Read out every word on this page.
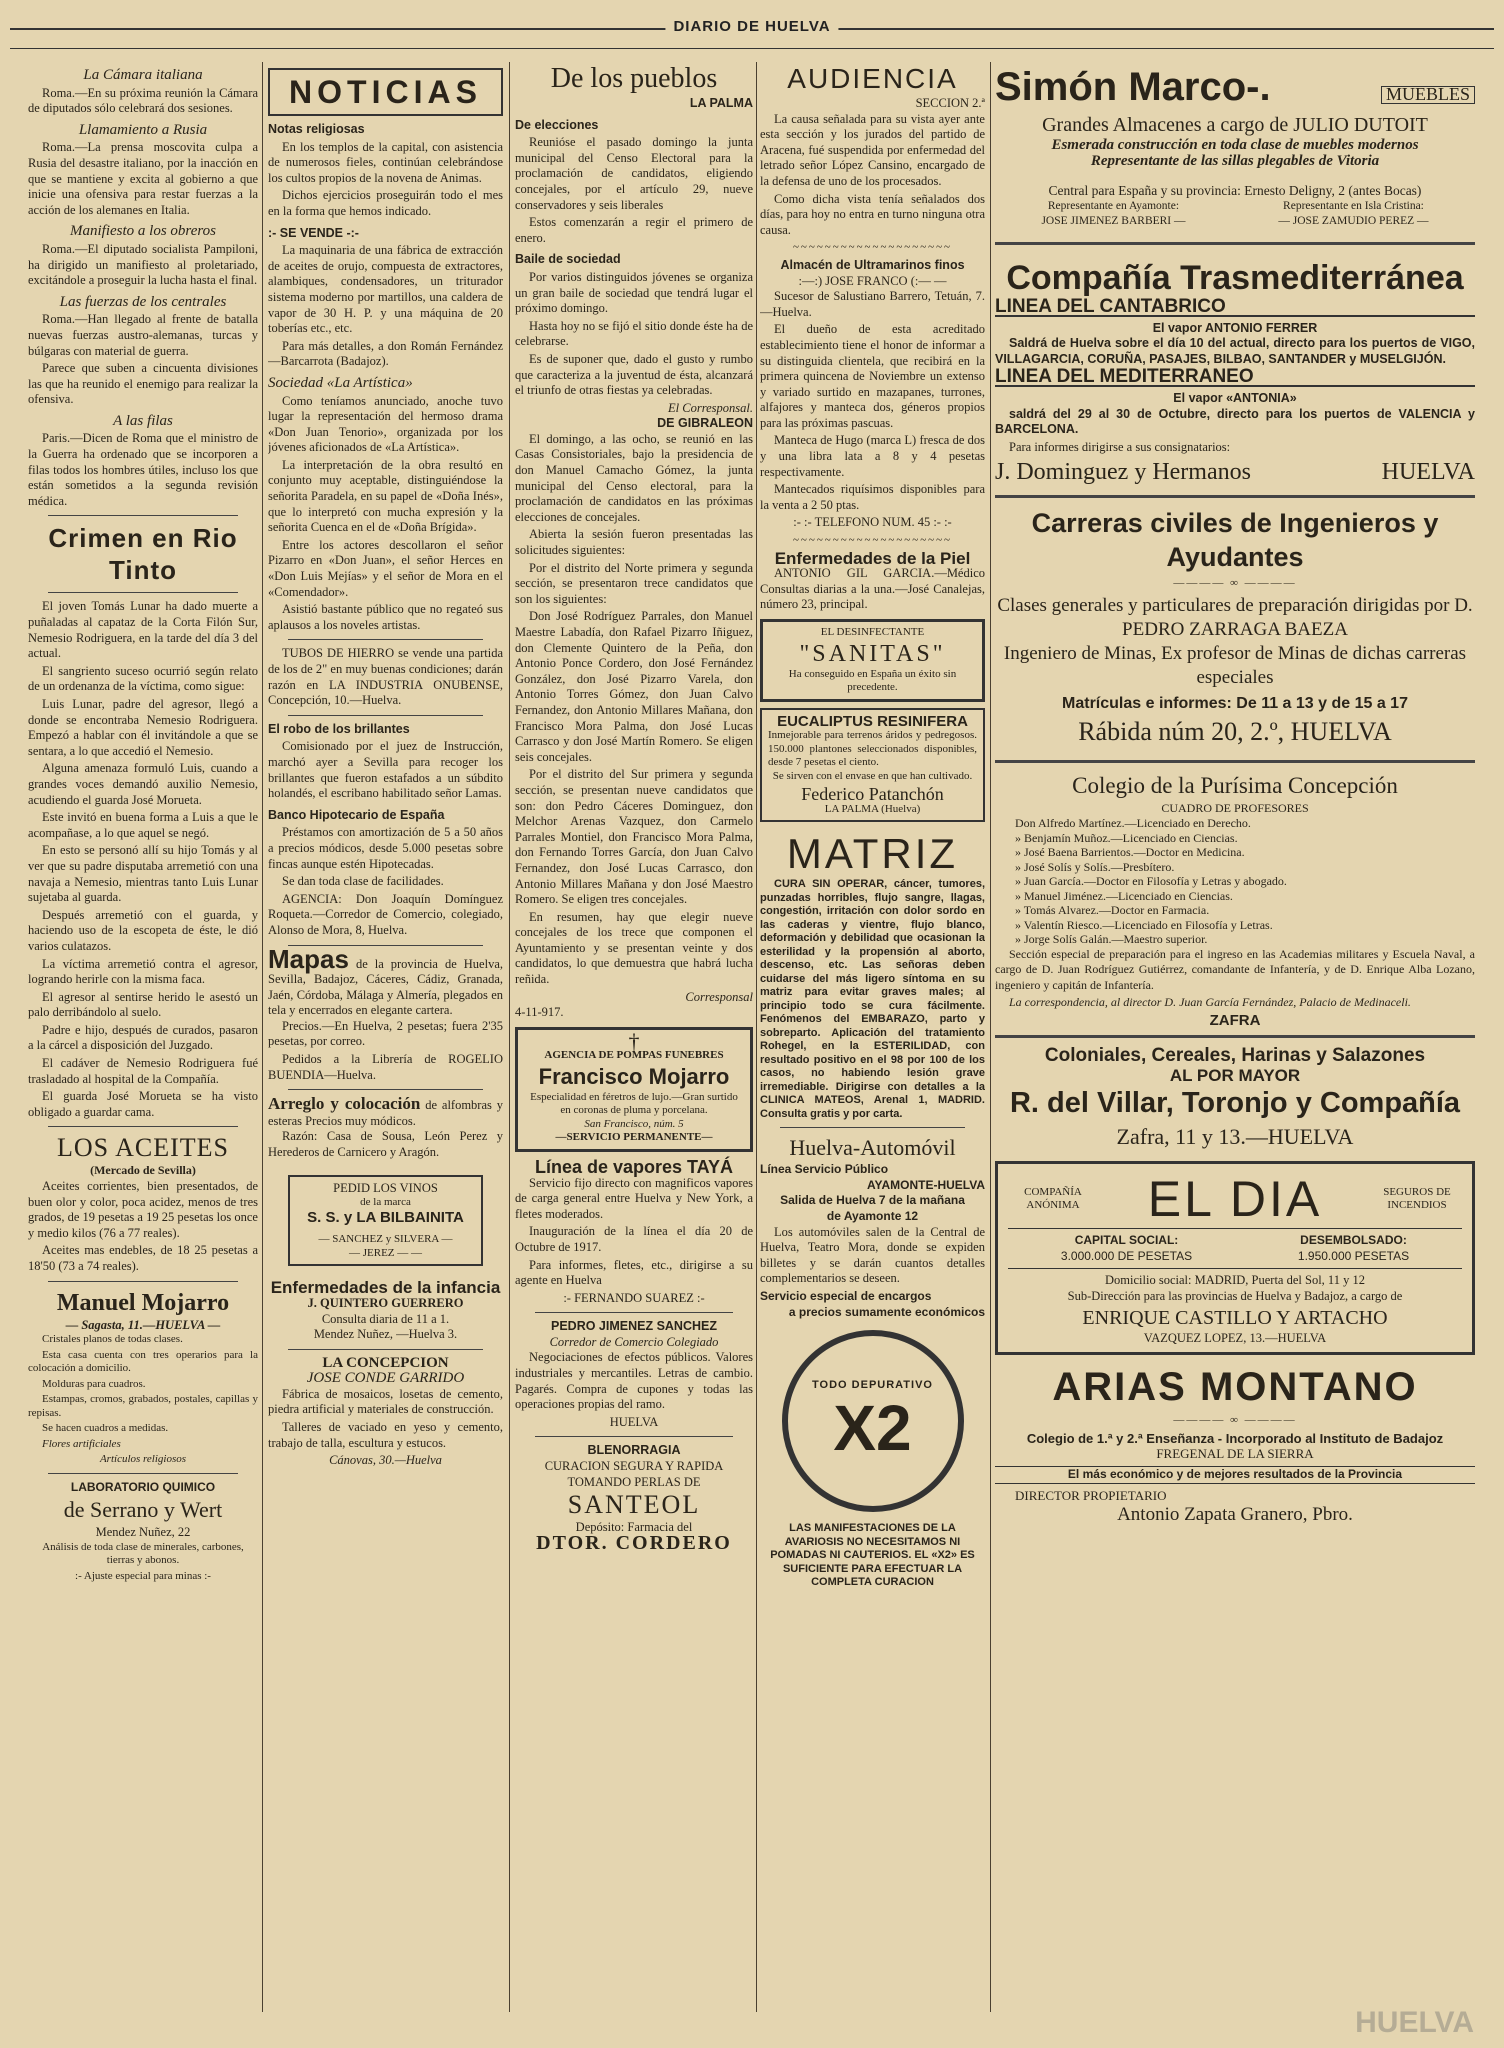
DIARIO DE HUELVA
La Cámara italiana

Roma.—En su próxima reunión la Cámara de diputados sólo celebrará dos sesiones.

Llamamiento a Rusia

Roma.—La prensa moscovita culpa a Rusia del desastre italiano, por la inacción en que se mantiene y excita al gobierno a que inicie una ofensiva para restar fuerzas a la acción de los alemanes en Italia.

Manifiesto a los obreros

Roma.—El diputado socialista Pampiloni, ha dirigido un manifiesto al proletariado, excitándole a proseguir la lucha hasta el final.

Las fuerzas de los centrales

Roma.—Han llegado al frente de batalla nuevas fuerzas austro-alemanas, turcas y búlgaras con material de guerra.

Parece que suben a cincuenta divisiones las que ha reunido el enemigo para realizar la ofensiva.

A las filas

Paris.—Dicen de Roma que el ministro de la Guerra ha ordenado que se incorporen a filas todos los hombres útiles, incluso los que están sometidos a la segunda revisión médica.

Crimen en Rio Tinto

El joven Tomás Lunar ha dado muerte a puñaladas al capataz de la Corta Filón Sur, Nemesio Rodriguera, en la tarde del día 3 del actual.

El sangriento suceso ocurrió según relato de un ordenanza de la víctima, como sigue:

Luis Lunar, padre del agresor, llegó a donde se encontraba Nemesio Rodriguera. Empezó a hablar con él invitándole a que se sentara, a lo que accedió el Nemesio.

Alguna amenaza formuló Luis, cuando a grandes voces demandó auxilio Nemesio, acudiendo el guarda José Morueta.

Este invitó en buena forma a Luis a que le acompañase, a lo que aquel se negó.

En esto se personó allí su hijo Tomás y al ver que su padre disputaba arremetió con una navaja a Nemesio, mientras tanto Luis Lunar sujetaba al guarda.

Después arremetió con el guarda, y haciendo uso de la escopeta de éste, le dió varios culatazos.

La víctima arremetió contra el agresor, logrando herirle con la misma faca.

El agresor al sentirse herido le asestó un palo derribándolo al suelo.

Padre e hijo, después de curados, pasaron a la cárcel a disposición del Juzgado.

El cadáver de Nemesio Rodriguera fué trasladado al hospital de la Compañía.

El guarda José Morueta se ha visto obligado a guardar cama.

LOS ACEITES
(Mercado de Sevilla)

Aceites corrientes, bien presentados, de buen olor y color, poca acidez, menos de tres grados, de 19 pesetas a 19 25 pesetas los once y medio kilos (76 a 77 reales).

Aceites mas endebles, de 18 25 pesetas a 18'50 (73 a 74 reales).

Manuel Mojarro
— Sagasta, 11.—HUELVA —

Cristales planos de todas clases.

Esta casa cuenta con tres operarios para la colocación a domicilio.

Molduras para cuadros.

Estampas, cromos, grabados, postales, capillas y repisas.

Se hacen cuadros a medidas.

Flores artificiales

Artículos religiosos

LABORATORIO QUIMICO
de Serrano y Wert
Mendez Nuñez, 22

Análisis de toda clase de minerales, carbones, tierras y abonos.

:- Ajuste especial para minas :-

NOTICIAS
Notas religiosas

En los templos de la capital, con asistencia de numerosos fieles, continúan celebrándose los cultos propios de la novena de Animas.

Dichos ejercicios proseguirán todo el mes en la forma que hemos indicado.

:- SE VENDE -:-

La maquinaria de una fábrica de extracción de aceites de orujo, compuesta de extractores, alambiques, condensadores, un triturador sistema moderno por martillos, una caldera de vapor de 30 H. P. y una máquina de 20 toberías etc., etc.

Para más detalles, a don Román Fernández—Barcarrota (Badajoz).

Sociedad «La Artística»

Como teníamos anunciado, anoche tuvo lugar la representación del hermoso drama «Don Juan Tenorio», organizada por los jóvenes aficionados de «La Artística».

La interpretación de la obra resultó en conjunto muy aceptable, distinguiéndose la señorita Paradela, en su papel de «Doña Inés», que lo interpretó con mucha expresión y la señorita Cuenca en el de «Doña Brígida».

Entre los actores descollaron el señor Pizarro en «Don Juan», el señor Herces en «Don Luis Mejías» y el señor de Mora en el «Comendador».

Asistió bastante público que no regateó sus aplausos a los noveles artistas.

TUBOS DE HIERRO se vende una partida de los de 2" en muy buenas condiciones; darán razón en LA INDUSTRIA ONUBENSE, Concepción, 10.—Huelva.

El robo de los brillantes

Comisionado por el juez de Instrucción, marchó ayer a Sevilla para recoger los brillantes que fueron estafados a un súbdito holandés, el escribano habilitado señor Lamas.

Banco Hipotecario de España

Préstamos con amortización de 5 a 50 años a precios módicos, desde 5.000 pesetas sobre fincas aunque estén Hipotecadas.

Se dan toda clase de facilidades.

AGENCIA: Don Joaquín Domínguez Roqueta.—Corredor de Comercio, colegiado, Alonso de Mora, 8, Huelva.

Mapas de la provincia de Huelva, Sevilla, Badajoz, Cáceres, Cádiz, Granada, Jaén, Córdoba, Málaga y Almería, plegados en tela y encerrados en elegante cartera.

Precios.—En Huelva, 2 pesetas; fuera 2'35 pesetas, por correo.

Pedidos a la Librería de ROGELIO BUENDIA—Huelva.

Arreglo y colocación de alfombras y esteras Precios muy módicos.

Razón: Casa de Sousa, León Perez y Herederos de Carnicero y Aragón.

PEDID LOS VINOS
de la marca
S. S. y LA BILBAINITA
— SANCHEZ y SILVERA —
— JEREZ — —
Enfermedades de la infancia
J. QUINTERO GUERRERO
Consulta diaria de 11 a 1.
Mendez Nuñez, —Huelva 3.
LA CONCEPCION
JOSE CONDE GARRIDO

Fábrica de mosaicos, losetas de cemento, piedra artificial y materiales de construcción.

Talleres de vaciado en yeso y cemento, trabajo de talla, escultura y estucos.

Cánovas, 30.—Huelva
De los pueblos
LA PALMA
De elecciones

Reunióse el pasado domingo la junta municipal del Censo Electoral para la proclamación de candidatos, eligiendo concejales, por el artículo 29, nueve conservadores y seis liberales

Estos comenzarán a regir el primero de enero.

Baile de sociedad

Por varios distinguidos jóvenes se organiza un gran baile de sociedad que tendrá lugar el próximo domingo.

Hasta hoy no se fijó el sitio donde éste ha de celebrarse.

Es de suponer que, dado el gusto y rumbo que caracteriza a la juventud de ésta, alcanzará el triunfo de otras fiestas ya celebradas.

El Corresponsal.
DE GIBRALEON

El domingo, a las ocho, se reunió en las Casas Consistoriales, bajo la presidencia de don Manuel Camacho Gómez, la junta municipal del Censo electoral, para la proclamación de candidatos en las próximas elecciones de concejales.

Abierta la sesión fueron presentadas las solicitudes siguientes:

Por el distrito del Norte primera y segunda sección, se presentaron trece candidatos que son los siguientes:

Don José Rodríguez Parrales, don Manuel Maestre Labadía, don Rafael Pizarro Iñiguez, don Clemente Quintero de la Peña, don Antonio Ponce Cordero, don José Fernández González, don José Pizarro Varela, don Antonio Torres Gómez, don Juan Calvo Fernandez, don Antonio Millares Mañana, don Francisco Mora Palma, don José Lucas Carrasco y don José Martín Romero. Se eligen seis concejales.

Por el distrito del Sur primera y segunda sección, se presentan nueve candidatos que son: don Pedro Cáceres Dominguez, don Melchor Arenas Vazquez, don Carmelo Parrales Montiel, don Francisco Mora Palma, don Fernando Torres García, don Juan Calvo Fernandez, don José Lucas Carrasco, don Antonio Millares Mañana y don José Maestro Romero. Se eligen tres concejales.

En resumen, hay que elegir nueve concejales de los trece que componen el Ayuntamiento y se presentan veinte y dos candidatos, lo que demuestra que habrá lucha reñida.

Corresponsal
4-11-917.
†
AGENCIA DE POMPAS FUNEBRES
Francisco Mojarro
Especialidad en féretros de lujo.—Gran surtido en coronas de pluma y porcelana.
San Francisco, núm. 5
—SERVICIO PERMANENTE—
Línea de vapores TAYÁ

Servicio fijo directo con magnificos vapores de carga general entre Huelva y New York, a fletes moderados.

Inauguración de la línea el día 20 de Octubre de 1917.

Para informes, fletes, etc., dirigirse a su agente en Huelva

:- FERNANDO SUAREZ :-
PEDRO JIMENEZ SANCHEZ
Corredor de Comercio Colegiado

Negociaciones de efectos públicos. Valores industriales y mercantiles. Letras de cambio. Pagarés. Compra de cupones y todas las operaciones propias del ramo.

HUELVA
BLENORRAGIA
CURACION SEGURA Y RAPIDA
TOMANDO PERLAS DE
SANTEOL
Depósito: Farmacia del
DTOR. CORDERO
AUDIENCIA
SECCION 2.ª

La causa señalada para su vista ayer ante esta sección y los jurados del partido de Aracena, fué suspendida por enfermedad del letrado señor López Cansino, encargado de la defensa de uno de los procesados.

Como dicha vista tenía señalados dos días, para hoy no entra en turno ninguna otra causa.

~~~~~~~~~~~~~~~~~~~~
Almacén de Ultramarinos finos
:—:) JOSE FRANCO (:— —

Sucesor de Salustiano Barrero, Tetuán, 7.—Huelva.

El dueño de esta acreditado establecimiento tiene el honor de informar a su distinguida clientela, que recibirá en la primera quincena de Noviembre un extenso y variado surtido en mazapanes, turrones, alfajores y manteca dos, géneros propios para las próximas pascuas.

Manteca de Hugo (marca L) fresca de dos y una libra lata a 8 y 4 pesetas respectivamente.

Mantecados riquísimos disponibles para la venta a 2 50 ptas.

:- :- TELEFONO NUM. 45 :- :-
~~~~~~~~~~~~~~~~~~~~
Enfermedades de la Piel

ANTONIO GIL GARCIA.—Médico Consultas diarias a la una.—José Canalejas, número 23, principal.

EL DESINFECTANTE
"SANITAS"
Ha conseguido en España un éxito sin precedente.
EUCALIPTUS RESINIFERA
Inmejorable para terrenos áridos y pedregosos. 150.000 plantones seleccionados disponibles, desde 7 pesetas el ciento.
Se sirven con el envase en que han cultivado.
Federico Patanchón
LA PALMA (Huelva)
MATRIZ

CURA SIN OPERAR, cáncer, tumores, punzadas horribles, flujo sangre, llagas, congestión, irritación con dolor sordo en las caderas y vientre, flujo blanco, deformación y debilidad que ocasionan la esterilidad y la propensión al aborto, descenso, etc. Las señoras deben cuidarse del más ligero síntoma en su matriz para evitar graves males; al principio todo se cura fácilmente. Fenómenos del EMBARAZO, parto y sobreparto. Aplicación del tratamiento Rohegel, en la ESTERILIDAD, con resultado positivo en el 98 por 100 de los casos, no habiendo lesión grave irremediable. Dirigirse con detalles a la CLINICA MATEOS, Arenal 1, MADRID. Consulta gratis y por carta.

Huelva-Automóvil
Línea Servicio Público
AYAMONTE-HUELVA
Salida de Huelva 7 de la mañana
de Ayamonte 12

Los automóviles salen de la Central de Huelva, Teatro Mora, donde se expiden billetes y se darán cuantos detalles complementarios se deseen.

Servicio especial de encargos
a precios sumamente económicos
TODO DEPURATIVO
X2

LAS MANIFESTACIONES DE LA AVARIOSIS NO NECESITAMOS NI POMADAS NI CAUTERIOS. EL «X2» ES SUFICIENTE PARA EFECTUAR LA COMPLETA CURACION

Simón Marco-.	MUEBLES
Grandes Almacenes a cargo de JULIO DUTOIT
Esmerada construcción en toda clase de muebles modernos
Representante de las sillas plegables de Vitoria
Central para España y su provincia: Ernesto Deligny, 2 (antes Bocas)
Representante en Ayamonte:
JOSE JIMENEZ BARBERI —
Representante en Isla Cristina:
— JOSE ZAMUDIO PEREZ —
Compañía Trasmediterránea
LINEA DEL CANTABRICO
El vapor ANTONIO FERRER

Saldrá de Huelva sobre el día 10 del actual, directo para los puertos de VIGO, VILLAGARCIA, CORUÑA, PASAJES, BILBAO, SANTANDER y MUSELGIJÓN.

LINEA DEL MEDITERRANEO
El vapor «ANTONIA»

saldrá del 29 al 30 de Octubre, directo para los puertos de VALENCIA y BARCELONA.

Para informes dirigirse a sus consignatarios:

J. Dominguez y Hermanos	HUELVA
Carreras civiles de Ingenieros y Ayudantes
———— ∞ ————
Clases generales y particulares de preparación dirigidas por D. PEDRO ZARRAGA BAEZA
Ingeniero de Minas, Ex profesor de Minas de dichas carreras especiales
Matrículas e informes: De 11 a 13 y de 15 a 17
Rábida núm 20, 2.º, HUELVA
Colegio de la Purísima Concepción
CUADRO DE PROFESORES
Don Alfredo Martínez.—Licenciado en Derecho.
» Benjamín Muñoz.—Licenciado en Ciencias.
» José Baena Barrientos.—Doctor en Medicina.
» José Solís y Solís.—Presbítero.
» Juan García.—Doctor en Filosofía y Letras y abogado.
» Manuel Jiménez.—Licenciado en Ciencias.
» Tomás Alvarez.—Doctor en Farmacia.
» Valentín Riesco.—Licenciado en Filosofía y Letras.
» Jorge Solís Galán.—Maestro superior.

Sección especial de preparación para el ingreso en las Academias militares y Escuela Naval, a cargo de D. Juan Rodríguez Gutiérrez, comandante de Infantería, y de D. Enrique Alba Lozano, ingeniero y capitán de Infantería.

La correspondencia, al director D. Juan García Fernández, Palacio de Medinaceli.

ZAFRA
Coloniales, Cereales, Harinas y Salazones
AL POR MAYOR
R. del Villar, Toronjo y Compañía
Zafra, 11 y 13.—HUELVA
COMPAÑÍA ANÓNIMA	EL DIA	SEGUROS DE INCENDIOS
CAPITAL SOCIAL:
3.000.000 DE PESETAS
DESEMBOLSADO:
1.950.000 PESETAS
Domicilio social: MADRID, Puerta del Sol, 11 y 12
Sub-Dirección para las provincias de Huelva y Badajoz, a cargo de
ENRIQUE CASTILLO Y ARTACHO
VAZQUEZ LOPEZ, 13.—HUELVA
ARIAS MONTANO
———— ∞ ————
Colegio de 1.ª y 2.ª Enseñanza - Incorporado al Instituto de Badajoz
FREGENAL DE LA SIERRA
El más económico y de mejores resultados de la Provincia
DIRECTOR PROPIETARIO
Antonio Zapata Granero, Pbro.
HUELVA
